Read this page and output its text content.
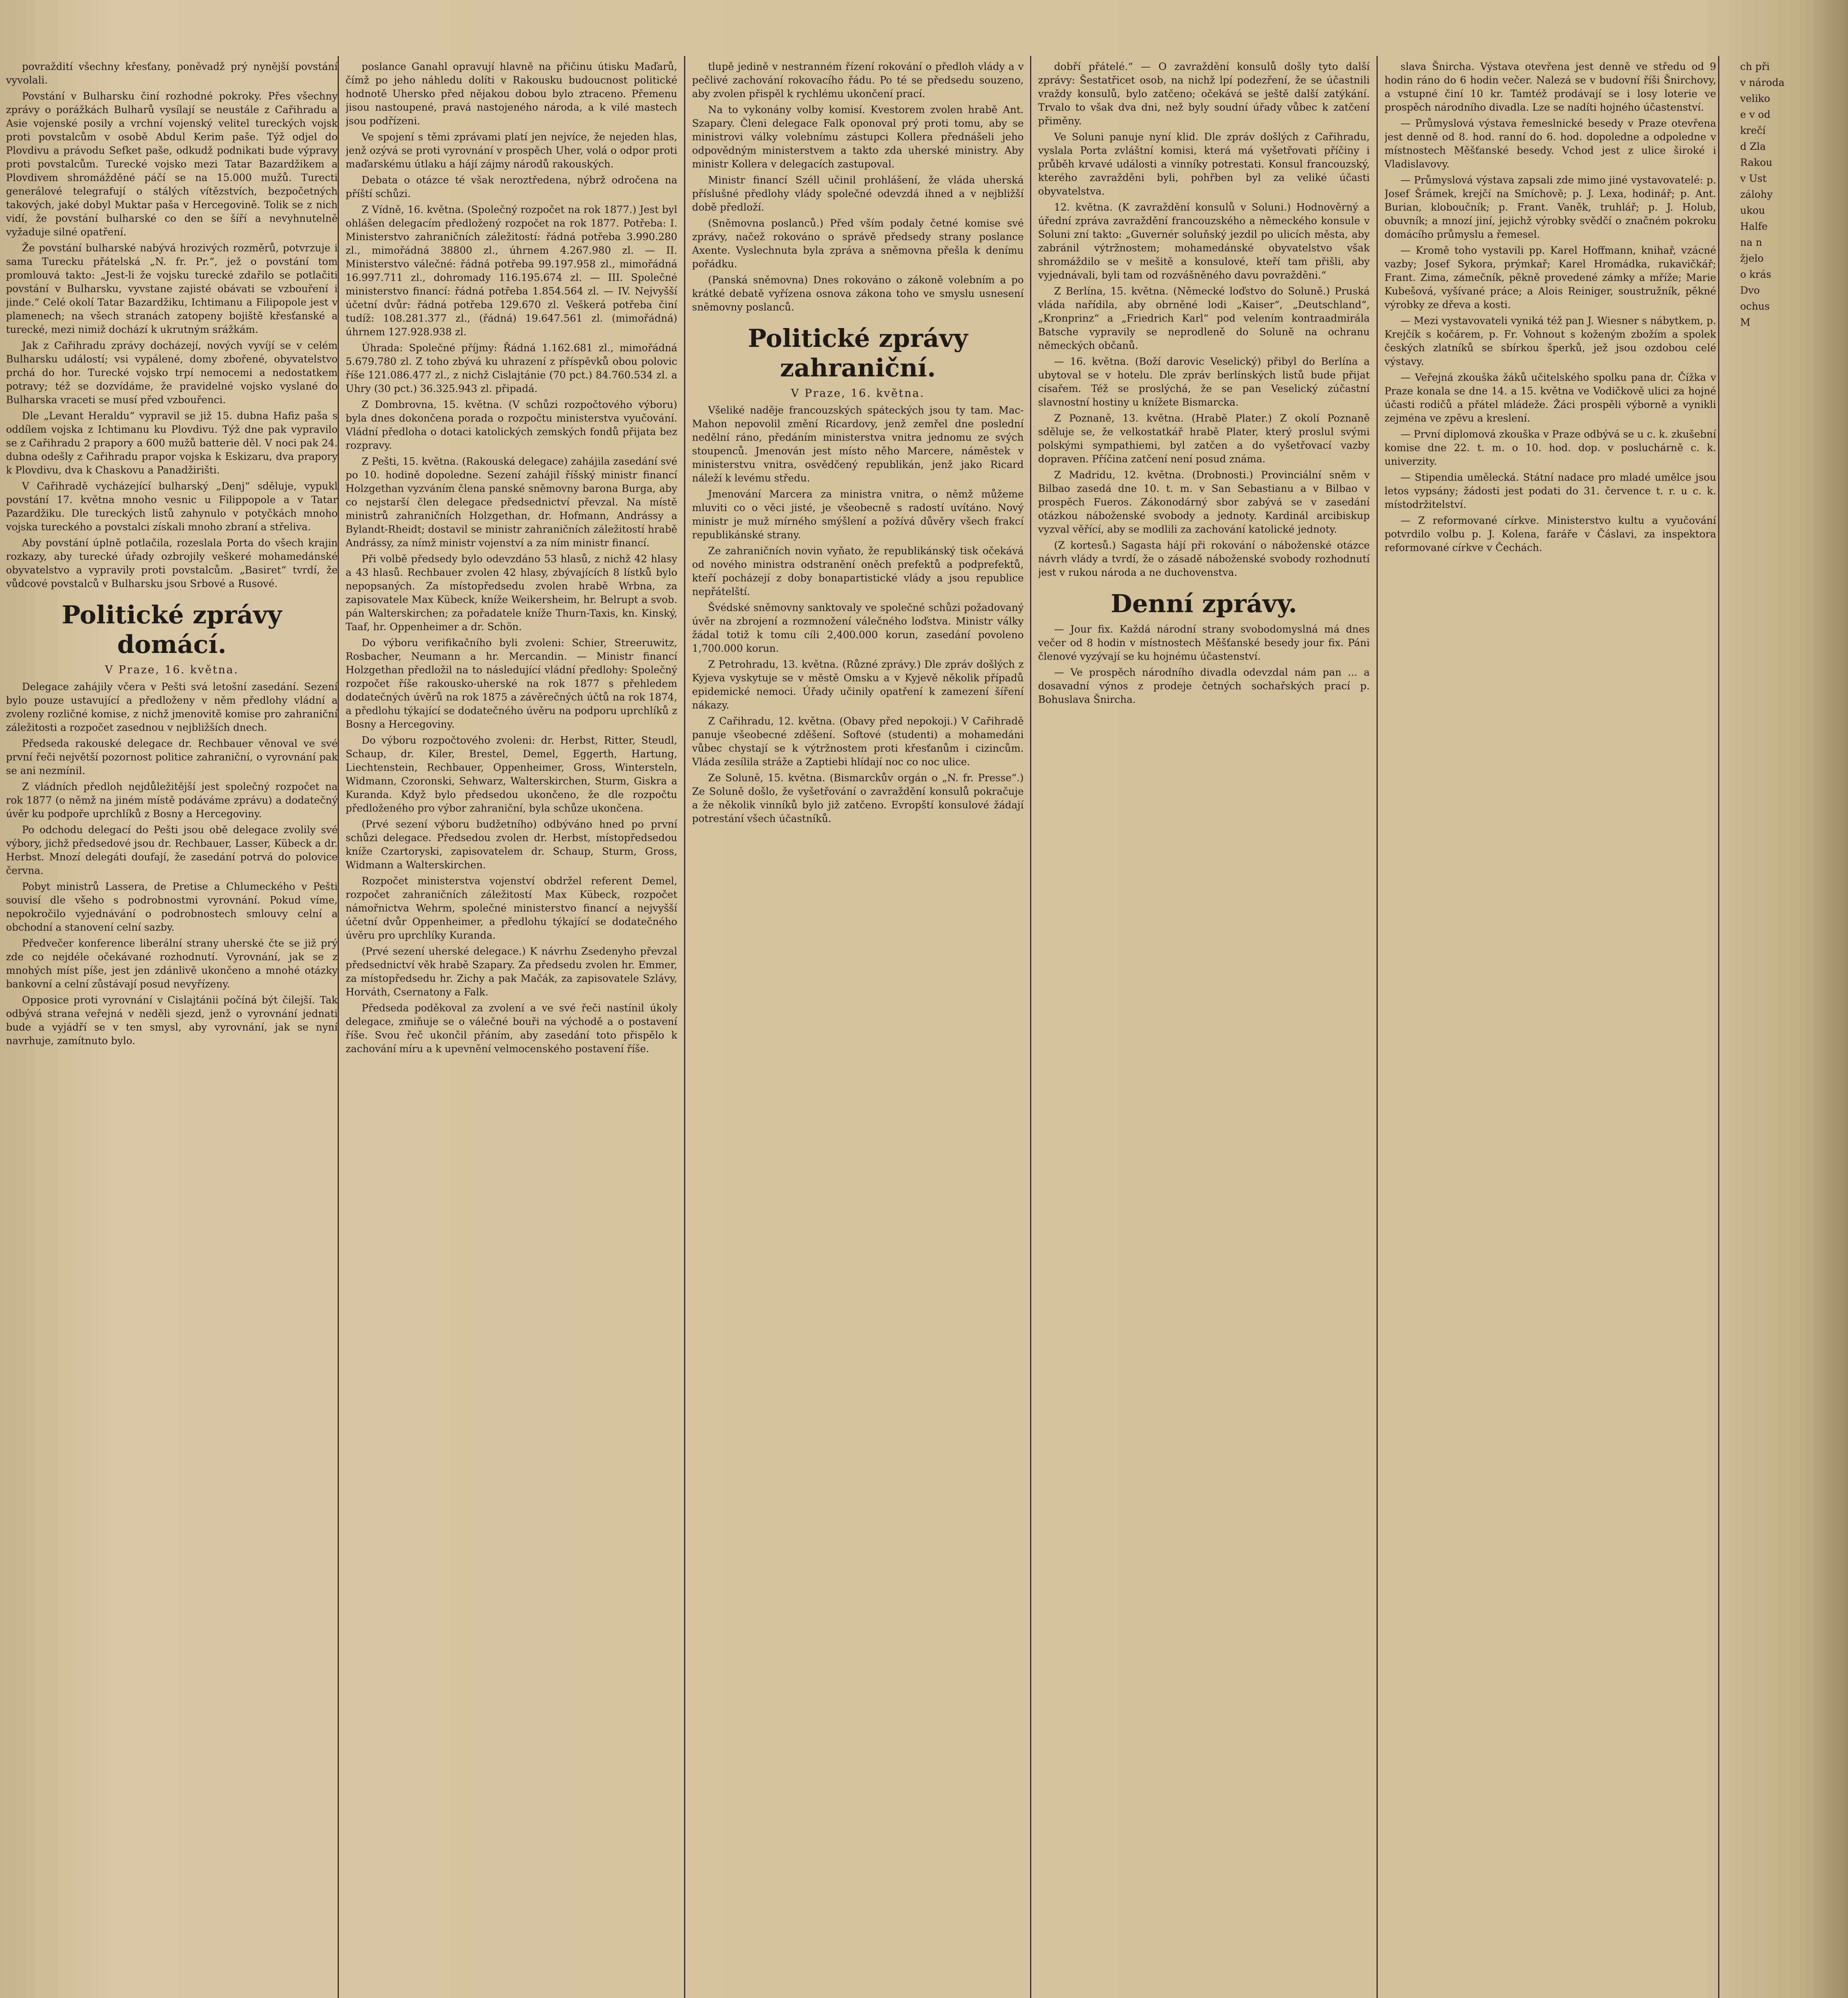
povraždití všechny křesťany, poněvadž prý nynější povstání vyvolali.

Povstání v Bulharsku činí rozhodné pokroky. Přes všechny zprávy o porážkách Bulharů vysílají se neustále z Cařihradu a Asie vojenské posily a vrchní vojenský velitel tureckých vojsk proti povstalcům v osobě Abdul Kerim paše. Týž odjel do Plovdivu a právodu Sefket paše, odkudž podnikati bude výpravy proti povstalcům. Turecké vojsko mezi Tatar Bazardžikem a Plovdivem shromážděné páčí se na 15.000 mužů. Turecti generálové telegrafují o stálých vítězstvích, bezpočetných takových, jaké dobyl Muktar paša v Hercegovině. Tolik se z nich vidí, že povstání bulharské co den se šíří a nevyhnutelně vyžaduje silné opatření.

Že povstání bulharské nabývá hrozivých rozměrů, potvrzuje i sama Turecku přátelská „N. fr. Pr.“, jež o povstání tom promlouvá takto: „Jest-li že vojsku turecké zdařilo se potlačiti povstání v Bulharsku, vyvstane zajisté obávati se vzbouření i jinde.“ Celé okolí Tatar Bazardžiku, Ichtimanu a Filipopole jest v plamenech; na všech stranách zatopeny bojiště křesťanské a turecké, mezi nimiž dochází k ukrutným srážkám.

Jak z Cařihradu zprávy docházejí, nových vyvíjí se v celém Bulharsku událostí; vsi vypálené, domy zbořené, obyvatelstvo prchá do hor. Turecké vojsko trpí nemocemi a nedostatkem potravy; též se dozvídáme, že pravidelné vojsko vyslané do Bulharska vraceti se musí před vzbouřenci.

Dle „Levant Heraldu“ vypravil se již 15. dubna Hafiz paša s oddílem vojska z Ichtimanu ku Plovdivu. Týž dne pak vypravilo se z Cařihradu 2 prapory a 600 mužů batterie děl. V noci pak 24. dubna odešly z Cařihradu prapor vojska k Eskizaru, dva prapory k Plovdivu, dva k Chaskovu a Panadžirišti.

V Cařihradě vycházející bulharský „Denj“ sděluje, vypukl povstání 17. května mnoho vesnic u Filippopole a v Tatar Pazardžiku. Dle tureckých listů zahynulo v potyčkách mnoho vojska tureckého a povstalci získali mnoho zbraní a střeliva.

Aby povstání úplně potlačila, rozeslala Porta do všech krajin rozkazy, aby turecké úřady ozbrojily veškeré mohamedánské obyvatelstvo a vypravily proti povstalcům. „Basiret“ tvrdí, že vůdcové povstalců v Bulharsku jsou Srbové a Rusové.

Politické zprávy domácí.
V Praze, 16. května.

Delegace zahájily včera v Pešti svá letošní zasedání. Sezení bylo pouze ustavující a předloženy v něm předlohy vládní a zvoleny rozličné komise, z nichž jmenovitě komise pro zahraniční záležitosti a rozpočet zasednou v nejbližších dnech.

Předseda rakouské delegace dr. Rechbauer věnoval ve své první řeči největší pozornost politice zahraniční, o vyrovnání pak se ani nezmínil.

Z vládních předloh nejdůležitější jest společný rozpočet na rok 1877 (o němž na jiném místě podáváme zprávu) a dodatečný úvěr ku podpoře uprchlíků z Bosny a Hercegoviny.

Po odchodu delegací do Pešti jsou obě delegace zvolily své výbory, jichž předsedové jsou dr. Rechbauer, Lasser, Kübeck a dr. Herbst. Mnozí delegáti doufají, že zasedání potrvá do polovice června.

Pobyt ministrů Lassera, de Pretise a Chlumeckého v Pešti souvisí dle všeho s podrobnostmi vyrovnání. Pokud víme, nepokročilo vyjednávání o podrobnostech smlouvy celní a obchodní a stanovení celní sazby.

Předvečer konference liberální strany uherské čte se již prý zde co nejdéle očekávané rozhodnutí. Vyrovnání, jak se z mnohých míst píše, jest jen zdánlivě ukončeno a mnohé otázky bankovní a celní zůstávají posud nevyřízeny.

Opposice proti vyrovnání v Cislajtánii počíná být čilejší. Tak odbývá strana veřejná v neděli sjezd, jenž o vyrovnání jednati bude a vyjádří se v ten smysl, aby vyrovnání, jak se nyní navrhuje, zamítnuto bylo.

poslance Ganahl opravují hlavně na přičinu útisku Maďarů, čímž po jeho náhledu dolíti v Rakousku budoucnost politické hodnotě Uhersko před nějakou dobou bylo ztraceno. Přemenu jisou nastoupené, pravá nastojeného národa, a k vilé mastech jsou podřízeni.

Ve spojení s těmi zprávami platí jen nejvíce, že nejeden hlas, jenž ozývá se proti vyrovnání v prospěch Uher, volá o odpor proti maďarskému útlaku a hájí zájmy národů rakouských.

Debata o otázce té však neroztředena, nýbrž odročena na příští schůzi.

Z Vídně, 16. května. (Společný rozpočet na rok 1877.) Jest byl ohlášen delegacím předložený rozpočet na rok 1877. Potřeba: I. Ministerstvo zahraničních záležitostí: řádná potřeba 3.990.280 zl., mimořádná 38800 zl., úhrnem 4.267.980 zl. — II. Ministerstvo válečné: řádná potřeba 99.197.958 zl., mimořádná 16.997.711 zl., dohromady 116.195.674 zl. — III. Společné ministerstvo financí: řádná potřeba 1.854.564 zl. — IV. Nejvyšší účetní dvůr: řádná potřeba 129.670 zl. Veškerá potřeba činí tudíž: 108.281.377 zl., (řádná) 19.647.561 zl. (mimořádná) úhrnem 127.928.938 zl.

Úhrada: Společné příjmy: Řádná 1.162.681 zl., mimořádná 5.679.780 zl. Z toho zbývá ku uhrazení z příspěvků obou polovic říše 121.086.477 zl., z nichž Cislajtánie (70 pct.) 84.760.534 zl. a Uhry (30 pct.) 36.325.943 zl. připadá.

Z Dombrovna, 15. května. (V schůzi rozpočtového výboru) byla dnes dokončena porada o rozpočtu ministerstva vyučování. Vládní předloha o dotaci katolických zemských fondů přijata bez rozpravy.

Z Pešti, 15. května. (Rakouská delegace) zahájila zasedání své po 10. hodině dopoledne. Sezení zahájil říšský ministr financí Holzgethan vyzváním člena panské sněmovny barona Burga, aby co nejstarší člen delegace předsednictví převzal. Na místě ministrů zahraničních Holzgethan, dr. Hofmann, Andrássy a Bylandt-Rheidt; dostavil se ministr zahraničních záležitostí hrabě Andrássy, za nímž ministr vojenství a za ním ministr financí.

Při volbě předsedy bylo odevzdáno 53 hlasů, z nichž 42 hlasy a 43 hlasů. Rechbauer zvolen 42 hlasy, zbývajících 8 lístků bylo nepopsaných. Za místopředsedu zvolen hrabě Wrbna, za zapisovatele Max Kübeck, kníže Weikersheim, hr. Belrupt a svob. pán Walterskirchen; za pořadatele kníže Thurn-Taxis, kn. Kinský, Taaf, hr. Oppenheimer a dr. Schön.

Do výboru verifikačního byli zvoleni: Schier, Streeruwitz, Rosbacher, Neumann a hr. Mercandin. — Ministr financí Holzgethan předložil na to následující vládní předlohy: Společný rozpočet říše rakousko-uherské na rok 1877 s přehledem dodatečných úvěrů na rok 1875 a závěrečných účtů na rok 1874, a předlohu týkající se dodatečného úvěru na podporu uprchlíků z Bosny a Hercegoviny.

Do výboru rozpočtového zvoleni: dr. Herbst, Ritter, Steudl, Schaup, dr. Kiler, Brestel, Demel, Eggerth, Hartung, Liechtenstein, Rechbauer, Oppenheimer, Gross, Wintersteln, Widmann, Czoronski, Sehwarz, Walterskirchen, Sturm, Giskra a Kuranda. Když bylo předsedou ukončeno, že dle rozpočtu předloženého pro výbor zahraniční, byla schůze ukončena.

(Prvé sezení výboru budžetního) odbýváno hned po první schůzi delegace. Předsedou zvolen dr. Herbst, místopředsedou kníže Czartoryski, zapisovatelem dr. Schaup, Sturm, Gross, Widmann a Walterskirchen.

Rozpočet ministerstva vojenství obdržel referent Demel, rozpočet zahraničních záležitostí Max Kübeck, rozpočet námořnictva Wehrm, společné ministerstvo financí a nejvyšší účetní dvůr Oppenheimer, a předlohu týkající se dodatečného úvěru pro uprchlíky Kuranda.

(Prvé sezení uherské delegace.) K návrhu Zsedenyho převzal předsednictví věk hrabě Szapary. Za předsedu zvolen hr. Emmer, za místopředsedu hr. Zichy a pak Mačák, za zapisovatele Szlávy, Horváth, Csernatony a Falk.

Předseda poděkoval za zvolení a ve své řeči nastínil úkoly delegace, zmiňuje se o válečné bouři na východě a o postavení říše. Svou řeč ukončil přáním, aby zasedání toto přispělo k zachování míru a k upevnění velmocenského postavení říše.

tlupě jedině v nestranném řízení rokování o předloh vlády a v pečlivé zachování rokovacího řádu. Po té se předsedu souzeno, aby zvolen přispěl k rychlému ukončení prací.

Na to vykonány volby komisí. Kvestorem zvolen hrabě Ant. Szapary. Členi delegace Falk oponoval prý proti tomu, aby se ministrovi války volebnímu zástupci Kollera přednášeli jeho odpovědným ministerstvem a takto zda uherské ministry. Aby ministr Kollera v delegacích zastupoval.

Ministr financí Széll učinil prohlášení, že vláda uherská příslušné předlohy vlády společné odevzdá ihned a v nejbližší době předloží.

(Sněmovna poslanců.) Před vším podaly četné komise své zprávy, načež rokováno o správě předsedy strany poslance Axente. Vyslechnuta byla zpráva a sněmovna přešla k denímu pořádku.

(Panská sněmovna) Dnes rokováno o zákoně volebním a po krátké debatě vyřízena osnova zákona toho ve smyslu usnesení sněmovny poslanců.

Politické zprávy zahraniční.
V Praze, 16. května.

Všeliké naděje francouzských spáteckých jsou ty tam. Mac-Mahon nepovolil změní Ricardovy, jenž zemřel dne poslední nedělní ráno, předáním ministerstva vnitra jednomu ze svých stoupenců. Jmenován jest místo něho Marcere, náměstek v ministerstvu vnitra, osvědčený republikán, jenž jako Ricard náleží k levému středu.

Jmenování Marcera za ministra vnitra, o němž můžeme mluviti co o věci jisté, je všeobecně s radostí uvítáno. Nový ministr je muž mírného smýšlení a požívá důvěry všech frakcí republikánské strany.

Ze zahraničních novin vyňato, že republikánský tisk očekává od nového ministra odstranění oněch prefektů a podprefektů, kteří pocházejí z doby bonapartistické vlády a jsou republice nepřátelští.

Švédské sněmovny sanktovaly ve společné schůzi požadovaný úvěr na zbrojení a rozmnožení válečného loďstva. Ministr války žádal totiž k tomu cíli 2,400.000 korun, zasedání povoleno 1,700.000 korun.

Z Petrohradu, 13. května. (Různé zprávy.) Dle zpráv došlých z Kyjeva vyskytuje se v městě Omsku a v Kyjevě několik případů epidemické nemoci. Úřady učinily opatření k zamezení šíření nákazy.

Z Cařihradu, 12. května. (Obavy před nepokoji.) V Cařihradě panuje všeobecné zděšení. Softové (studenti) a mohamedáni vůbec chystají se k výtržnostem proti křesťanům i cizincům. Vláda zesílila stráže a Zaptiebi hlídají noc co noc ulice.

Ze Soluně, 15. května. (Bismarckův orgán o „N. fr. Presse“.) Ze Soluně došlo, že vyšetřování o zavraždění konsulů pokračuje a že několik vinníků bylo již zatčeno. Evropští konsulové žádají potrestání všech účastníků.

dobří přátelé.“ — O zavraždění konsulů došly tyto další zprávy: Šestatřicet osob, na nichž lpí podezření, že se účastnili vraždy konsulů, bylo zatčeno; očekává se ještě další zatýkání. Trvalo to však dva dni, než byly soudní úřady vůbec k zatčení přiměny.

Ve Soluni panuje nyní klid. Dle zpráv došlých z Cařihradu, vyslala Porta zvláštní komisi, která má vyšetřovati příčiny i průběh krvavé události a vinníky potrestati. Konsul francouzský, kterého zavražděni byli, pohřben byl za veliké účasti obyvatelstva.

12. května. (K zavraždění konsulů v Soluni.) Hodnověrný a úřední zpráva zavraždění francouzského a německého konsule v Soluni zní takto: „Guvernér soluňský jezdil po ulicích města, aby zabránil výtržnostem; mohamedánské obyvatelstvo však shromáždilo se v mešitě a konsulové, kteří tam přišli, aby vyjednávali, byli tam od rozvášněného davu povražděni.“

Z Berlína, 15. května. (Německé loďstvo do Soluně.) Pruská vláda nařídila, aby obrněné lodi „Kaiser“, „Deutschland“, „Kronprinz“ a „Friedrich Karl“ pod velením kontraadmirála Batsche vypravily se neprodleně do Soluně na ochranu německých občanů.

— 16. května. (Boží darovic Veselický) přibyl do Berlína a ubytoval se v hotelu. Dle zpráv berlínských listů bude přijat císařem. Též se proslýchá, že se pan Veselický zúčastní slavnostní hostiny u knížete Bismarcka.

Z Poznaně, 13. května. (Hrabě Plater.) Z okolí Poznaně sděluje se, že velkostatkář hrabě Plater, který proslul svými polskými sympathiemi, byl zatčen a do vyšetřovací vazby dopraven. Příčina zatčení není posud známa.

Z Madridu, 12. května. (Drobnosti.) Provinciální sněm v Bilbao zasedá dne 10. t. m. v San Sebastianu a v Bilbao v prospěch Fueros. Zákonodárný sbor zabývá se v zasedání otázkou náboženské svobody a jednoty. Kardinál arcibiskup vyzval věřící, aby se modlili za zachování katolické jednoty.

(Z kortesů.) Sagasta hájí při rokování o náboženské otázce návrh vlády a tvrdí, že o zásadě náboženské svobody rozhodnutí jest v rukou národa a ne duchovenstva.

Denní zprávy.

— Jour fix. Každá národní strany svobodomyslná má dnes večer od 8 hodin v místnostech Měšťanské besedy jour fix. Páni členové vyzývají se ku hojnému účastenství.

— Ve prospěch národního divadla odevzdal nám pan ... a dosavadní výnos z prodeje četných sochařských prací p. Bohuslava Šnircha.

slava Šnircha. Výstava otevřena jest denně ve středu od 9 hodin ráno do 6 hodin večer. Nalezá se v budovní říši Šnirchovy, a vstupné činí 10 kr. Tamtéž prodávají se i losy loterie ve prospěch národního divadla. Lze se nadíti hojného účastenství.

— Průmyslová výstava řemeslnické besedy v Praze otevřena jest denně od 8. hod. ranní do 6. hod. dopoledne a odpoledne v místnostech Měšťanské besedy. Vchod jest z ulice široké i Vladislavovy.

— Průmyslová výstava zapsali zde mimo jiné vystavovatelé: p. Josef Šrámek, krejčí na Smíchově; p. J. Lexa, hodinář; p. Ant. Burian, kloboučník; p. Frant. Vaněk, truhlář; p. J. Holub, obuvník; a mnozí jiní, jejichž výrobky svědčí o značném pokroku domácího průmyslu a řemesel.

— Kromě toho vystavili pp. Karel Hoffmann, knihař, vzácné vazby; Josef Sykora, prýmkař; Karel Hromádka, rukavičkář; Frant. Zima, zámečník, pěkně provedené zámky a mříže; Marie Kubešová, vyšívané práce; a Alois Reiniger, soustružník, pěkné výrobky ze dřeva a kosti.

— Mezi vystavovateli vyniká též pan J. Wiesner s nábytkem, p. Krejčík s kočárem, p. Fr. Vohnout s koženým zbožím a spolek českých zlatníků se sbírkou šperků, jež jsou ozdobou celé výstavy.

— Veřejná zkouška žáků učitelského spolku pana dr. Čížka v Praze konala se dne 14. a 15. května ve Vodičkově ulici za hojné účasti rodičů a přátel mládeže. Žáci prospěli výborně a vynikli zejména ve zpěvu a kreslení.

— První diplomová zkouška v Praze odbývá se u c. k. zkušební komise dne 22. t. m. o 10. hod. dop. v posluchárně c. k. univerzity.

— Stipendia umělecká. Státní nadace pro mladé umělce jsou letos vypsány; žádosti jest podati do 31. července t. r. u c. k. místodržitelství.

— Z reformované církve. Ministerstvo kultu a vyučování potvrdilo volbu p. J. Kolena, faráře v Čáslavi, za inspektora reformované církve v Čechách.

ch při

v národa

veliko

e v od

krečí

d Zla

Rakou

v Ust

zálohy

ukou

Halfe

na n

žjelo

o krás

Dvo

ochus

M
